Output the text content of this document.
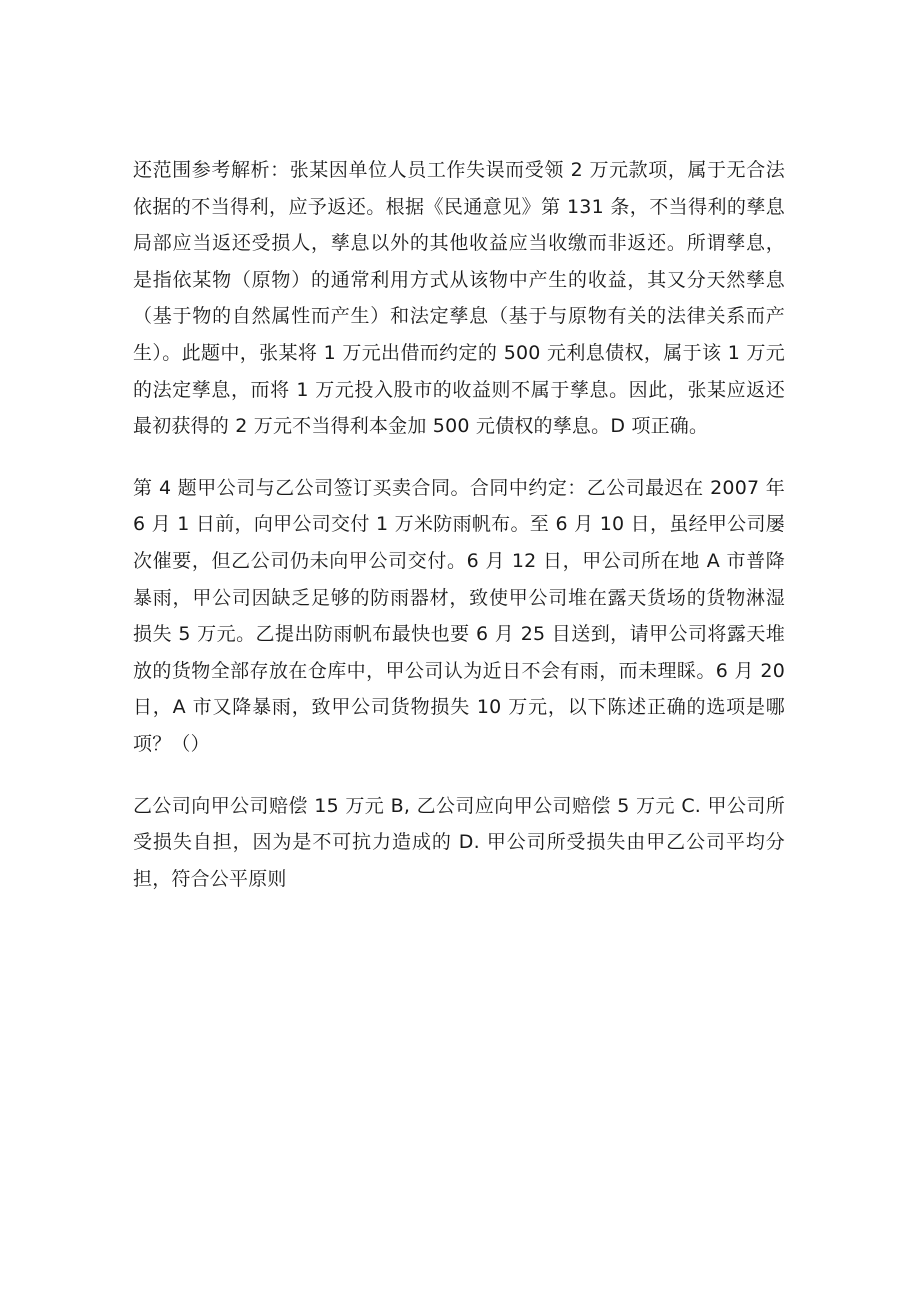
还范围参考解析：张某因单位人员工作失误而受领 2 万元款项，属于无合法依据的不当得利，应予返还。根据《民通意见》第 131 条，不当得利的孳息局部应当返还受损人，孳息以外的其他收益应当收缴而非返还。所谓孳息，是指依某物（原物）的通常利用方式从该物中产生的收益，其又分天然孳息（基于物的自然属性而产生）和法定孳息（基于与原物有关的法律关系而产生）。此题中，张某将 1 万元出借而约定的 500 元利息债权，属于该 1 万元的法定孳息，而将 1 万元投入股市的收益则不属于孳息。因此，张某应返还最初获得的 2 万元不当得利本金加 500 元债权的孳息。D 项正确。

第 4 题甲公司与乙公司签订买卖合同。合同中约定：乙公司最迟在 2007 年 6 月 1 日前，向甲公司交付 1 万米防雨帆布。至 6 月 10 日，虽经甲公司屡次催要，但乙公司仍未向甲公司交付。6 月 12 日，甲公司所在地 A 市普降暴雨，甲公司因缺乏足够的防雨器材，致使甲公司堆在露天货场的货物淋湿损失 5 万元。乙提出防雨帆布最快也要 6 月 25 目送到，请甲公司将露天堆放的货物全部存放在仓库中，甲公司认为近日不会有雨，而未理睬。6 月 20 日，A 市又降暴雨，致甲公司货物损失 10 万元，以下陈述正确的选项是哪项？（）

乙公司向甲公司赔偿 15 万元 B, 乙公司应向甲公司赔偿 5 万元 C. 甲公司所受损失自担，因为是不可抗力造成的 D. 甲公司所受损失由甲乙公司平均分担，符合公平原则
